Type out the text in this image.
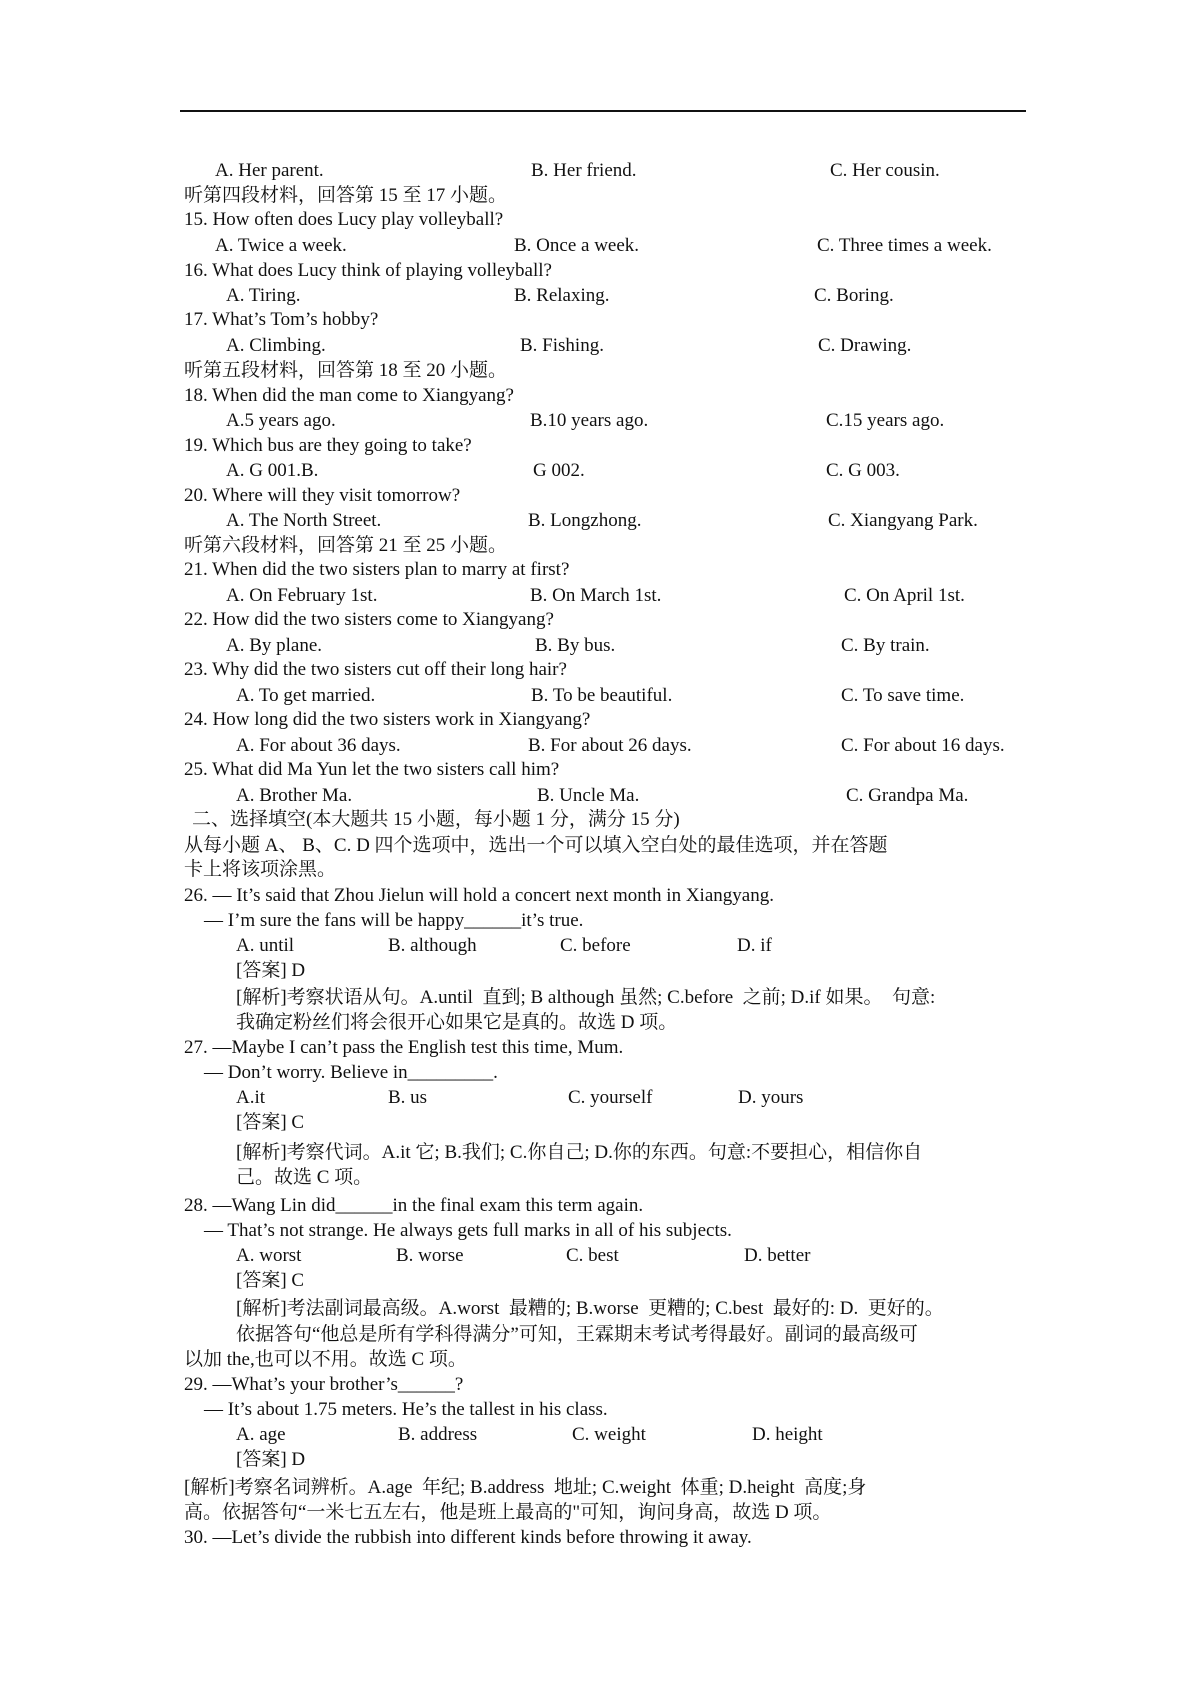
A. Her parent.	B. Her friend.	C. Her cousin.
听第四段材料，回答第 15 至 17 小题。
15. How often does Lucy play volleyball?
A. Twice a week.	B. Once a week.	C. Three times a week.
16. What does Lucy think of playing volleyball?
A. Tiring.	B. Relaxing.	C. Boring.
17. What’s Tom’s hobby?
A. Climbing.	B. Fishing.	C. Drawing.
听第五段材料，回答第 18 至 20 小题。
18. When did the man come to Xiangyang?
A.5 years ago.	B.10 years ago.	C.15 years ago.
19. Which bus are they going to take?
A. G 001.B.	G 002.	C. G 003.
20. Where will they visit tomorrow?
A. The North Street.	B. Longzhong.	C. Xiangyang Park.
听第六段材料，回答第 21 至 25 小题。
21. When did the two sisters plan to marry at first?
A. On February 1st.	B. On March 1st.	C. On April 1st.
22. How did the two sisters come to Xiangyang?
A. By plane.	B. By bus.	C. By train.
23. Why did the two sisters cut off their long hair?
A. To get married.	B. To be beautiful.	C. To save time.
24. How long did the two sisters work in Xiangyang?
A. For about 36 days.	B. For about 26 days.	C. For about 16 days.
25. What did Ma Yun let the two sisters call him?
A. Brother Ma.	B. Uncle Ma.	C. Grandpa Ma.
二、选择填空(本大题共 15 小题，每小题 1 分，满分 15 分)
从每小题 A、 B、C. D 四个选项中，选出一个可以填入空白处的最佳选项，并在答题
卡上将该项涂黑。
26. — It’s said that Zhou Jielun will hold a concert next month in Xiangyang.
— I’m sure the fans will be happy______it’s true.
A. until	B. although	C. before	D. if
[答案] D
[解析]考察状语从句。A.until  直到; B although 虽然; C.before  之前; D.if 如果。  句意:
我确定粉丝们将会很开心如果它是真的。故选 D 项。
27. —Maybe I can’t pass the English test this time, Mum.
— Don’t worry. Believe in_________.
A.it	B. us	C. yourself	D. yours
[答案] C
[解析]考察代词。A.it 它; B.我们; C.你自己; D.你的东西。句意:不要担心，相信你自
己。故选 C 项。
28. —Wang Lin did______in the final exam this term again.
— That’s not strange. He always gets full marks in all of his subjects.
A. worst	B. worse	C. best	D. better
[答案] C
[解析]考法副词最高级。A.worst  最糟的; B.worse  更糟的; C.best  最好的: D.  更好的。
依据答句“他总是所有学科得满分”可知，王霖期末考试考得最好。副词的最高级可
以加 the,也可以不用。故选 C 项。
29. —What’s your brother’s______?
— It’s about 1.75 meters. He’s the tallest in his class.
A. age	B. address	C. weight	D. height
[答案] D
[解析]考察名词辨析。A.age  年纪; B.address  地址; C.weight  体重; D.height  高度;身
高。依据答句“一米七五左右，他是班上最高的"可知，询问身高，故选 D 项。
30. —Let’s divide the rubbish into different kinds before throwing it away.
